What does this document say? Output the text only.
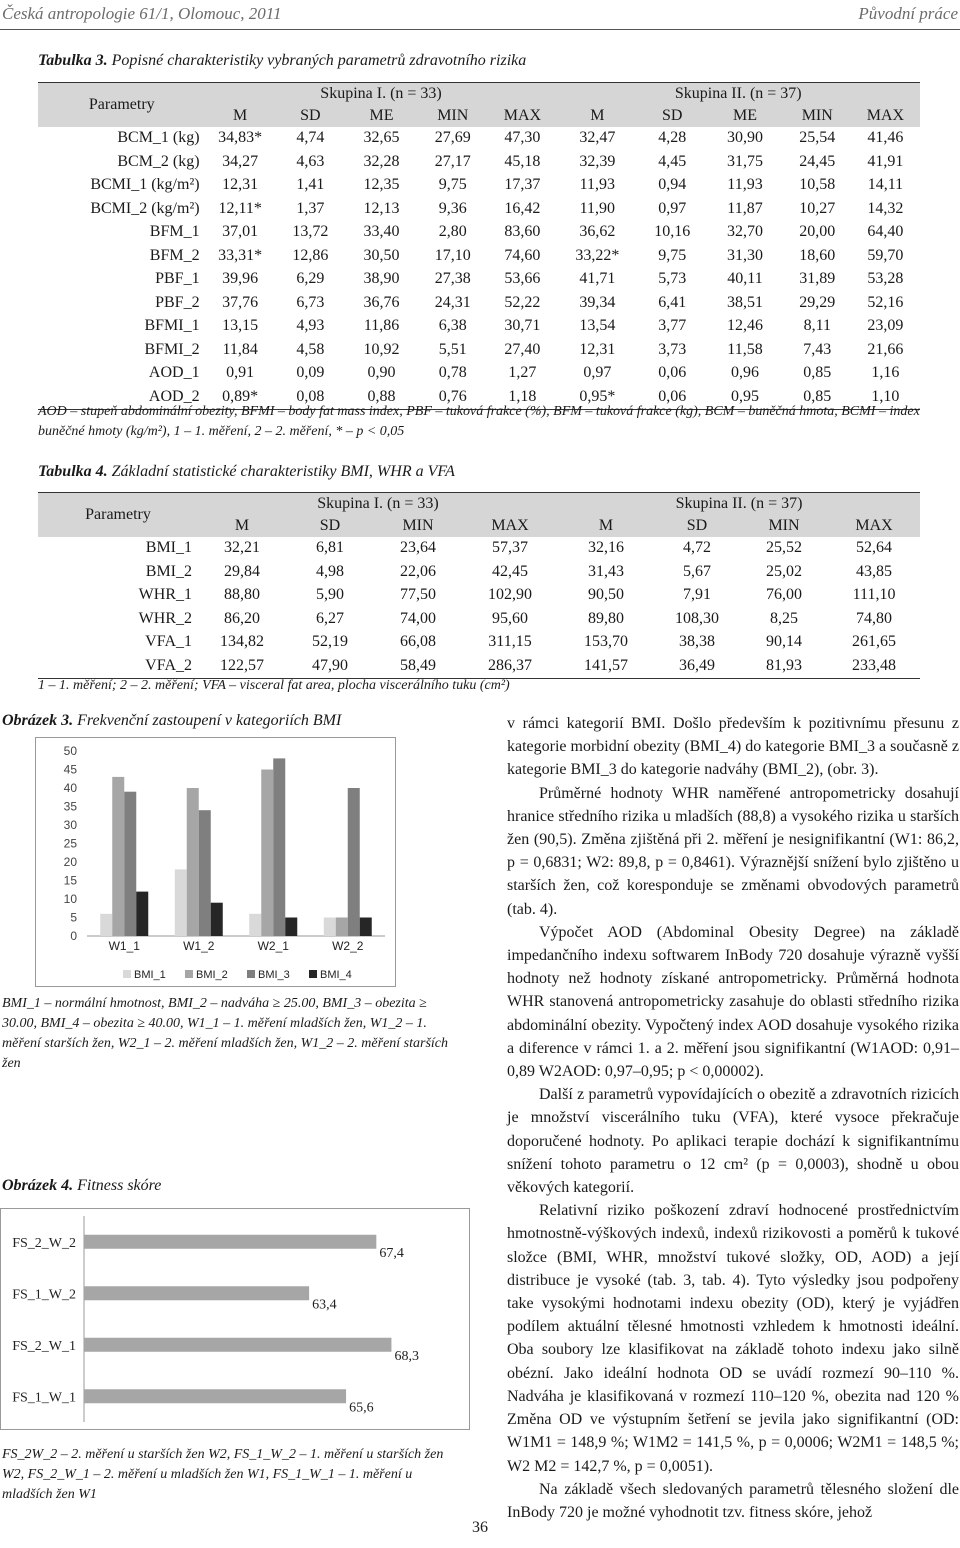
Česká antropologie 61/1, Olomouc, 2011	Původní práce
Tabulka 3. Popisné charakteristiky vybraných parametrů zdravotního rizika
Parametry	Skupina I. (n = 33)					Skupina II. (n = 37)				
	M	SD	ME	MIN	MAX	M	SD	ME	MIN	MAX
BCM_1 (kg)	34,83*	4,74	32,65	27,69	47,30	32,47	4,28	30,90	25,54	41,46
BCM_2 (kg)	34,27	4,63	32,28	27,17	45,18	32,39	4,45	31,75	24,45	41,91
BCMI_1 (kg/m²)	12,31	1,41	12,35	9,75	17,37	11,93	0,94	11,93	10,58	14,11
BCMI_2 (kg/m²)	12,11*	1,37	12,13	9,36	16,42	11,90	0,97	11,87	10,27	14,32
BFM_1	37,01	13,72	33,40	2,80	83,60	36,62	10,16	32,70	20,00	64,40
BFM_2	33,31*	12,86	30,50	17,10	74,60	33,22*	9,75	31,30	18,60	59,70
PBF_1	39,96	6,29	38,90	27,38	53,66	41,71	5,73	40,11	31,89	53,28
PBF_2	37,76	6,73	36,76	24,31	52,22	39,34	6,41	38,51	29,29	52,16
BFMI_1	13,15	4,93	11,86	6,38	30,71	13,54	3,77	12,46	8,11	23,09
BFMI_2	11,84	4,58	10,92	5,51	27,40	12,31	3,73	11,58	7,43	21,66
AOD_1	0,91	0,09	0,90	0,78	1,27	0,97	0,06	0,96	0,85	1,16
AOD_2	0,89*	0,08	0,88	0,76	1,18	0,95*	0,06	0,95	0,85	1,10
AOD – stupeň abdominální obezity, BFMI – body fat mass index, PBF – tuková frakce (%), BFM – tuková frakce (kg), BCM – buněčná hmota, BCMI – index buněčné hmoty (kg/m²), 1 – 1. měření, 2 – 2. měření, * – p < 0,05
Tabulka 4. Základní statistické charakteristiky BMI, WHR a VFA
Parametry	Skupina I. (n = 33)				Skupina II. (n = 37)			
	M	SD	MIN	MAX	M	SD	MIN	MAX
BMI_1	32,21	6,81	23,64	57,37	32,16	4,72	25,52	52,64
BMI_2	29,84	4,98	22,06	42,45	31,43	5,67	25,02	43,85
WHR_1	88,80	5,90	77,50	102,90	90,50	7,91	76,00	111,10
WHR_2	86,20	6,27	74,00	95,60	89,80	108,30	8,25	74,80
VFA_1	134,82	52,19	66,08	311,15	153,70	38,38	90,14	261,65
VFA_2	122,57	47,90	58,49	286,37	141,57	36,49	81,93	233,48
1 – 1. měření; 2 – 2. měření; VFA – visceral fat area, plocha viscerálního tuku (cm²)
Obrázek 3. Frekvenční zastoupení v kategoriích BMI
0
5
10
15
20
25
30
35
40
45
50
W1_1	W1_2	W2_1	W2_2
BMI_1	BMI_2	BMI_3	BMI_4
BMI_1 – normální hmotnost, BMI_2 – nadváha ≥ 25.00, BMI_3 – obezita ≥ 30.00, BMI_4 – obezita ≥ 40.00, W1_1 – 1. měření mladších žen, W1_2 – 1. měření starších žen, W2_1 – 2. měření mladších žen, W1_2 – 2. měření starších žen
Obrázek 4. Fitness skóre
FS_2_W_2
67,4
FS_1_W_2
63,4
FS_2_W_1
68,3
FS_1_W_1
65,6
FS_2W_2 – 2. měření u starších žen W2, FS_1_W_2 – 1. měření u starších žen W2, FS_2_W_1 – 2. měření u mladších žen W1, FS_1_W_1 – 1. měření u mladších žen W1

v rámci kategorií BMI. Došlo především k pozitivnímu přesunu z kategorie morbidní obezity (BMI_4) do kategorie BMI_3 a současně z kategorie BMI_3 do kategorie nadváhy (BMI_2), (obr. 3).

Průměrné hodnoty WHR naměřené antropometricky dosahují hranice středního rizika u mladších (88,8) a vysokého rizika u starších žen (90,5). Změna zjištěná při 2. měření je nesignifikantní (W1: 86,2, p = 0,6831; W2: 89,8, p = 0,8461). Výraznější snížení bylo zjištěno u starších žen, což koresponduje se změnami obvodových parametrů (tab. 4).

Výpočet AOD (Abdominal Obesity Degree) na základě impedančního indexu softwarem InBody 720 dosahuje výrazně vyšší hodnoty než hodnoty získané antropometricky. Průměrná hodnota WHR stanovená antropometricky zasahuje do oblasti středního rizika abdominální obezity. Vypočtený index AOD dosahuje vysokého rizika a diference v rámci 1. a 2. měření jsou signifikantní (W1AOD: 0,91–0,89 W2AOD: 0,97–0,95; p < 0,00002).

Další z parametrů vypovídajících o obezitě a zdravotních rizicích je množství viscerálního tuku (VFA), které vysoce překračuje doporučené hodnoty. Po aplikaci terapie dochází k signifikantnímu snížení tohoto parametru o 12 cm² (p = 0,0003), shodně u obou věkových kategorií.

Relativní riziko poškození zdraví hodnocené prostřednictvím hmotnostně-výškových indexů, indexů rizikovosti a poměrů k tukové složce (BMI, WHR, množství tukové složky, OD, AOD) a její distribuce je vysoké (tab. 3, tab. 4). Tyto výsledky jsou podpořeny take vysokými hodnotami indexu obezity (OD), který je vyjádřen podílem aktuální tělesné hmotnosti vzhledem k hmotnosti ideální. Oba soubory lze klasifikovat na základě tohoto indexu jako silně obézní. Jako ideální hodnota OD se uvádí rozmezí 90–110 %. Nadváha je klasifikovaná v rozmezí 110–120 %, obezita nad 120 % Změna OD ve výstupním šetření se jevila jako signifikantní (OD: W1M1 = 148,9 %; W1M2 = 141,5 %, p = 0,0006; W2M1 = 148,5 %; W2 M2 = 142,7 %, p = 0,0051).

Na základě všech sledovaných parametrů tělesného složení dle InBody 720 je možné vyhodnotit tzv. fitness skóre, jehož

36
